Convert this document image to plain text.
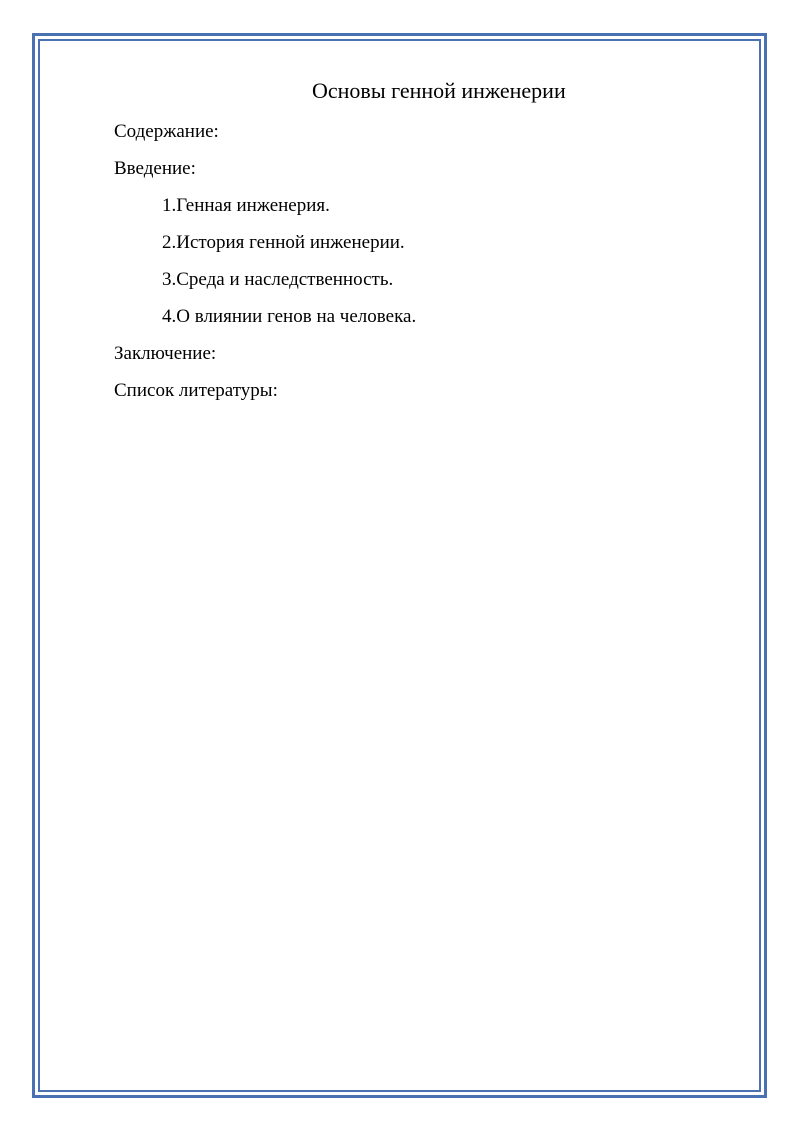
Основы генной инженерии
Содержание:
Введение:
1.Генная инженерия.
2.История генной инженерии.
3.Среда и наследственность.
4.О влиянии генов на человека.
Заключение:
Список литературы:
